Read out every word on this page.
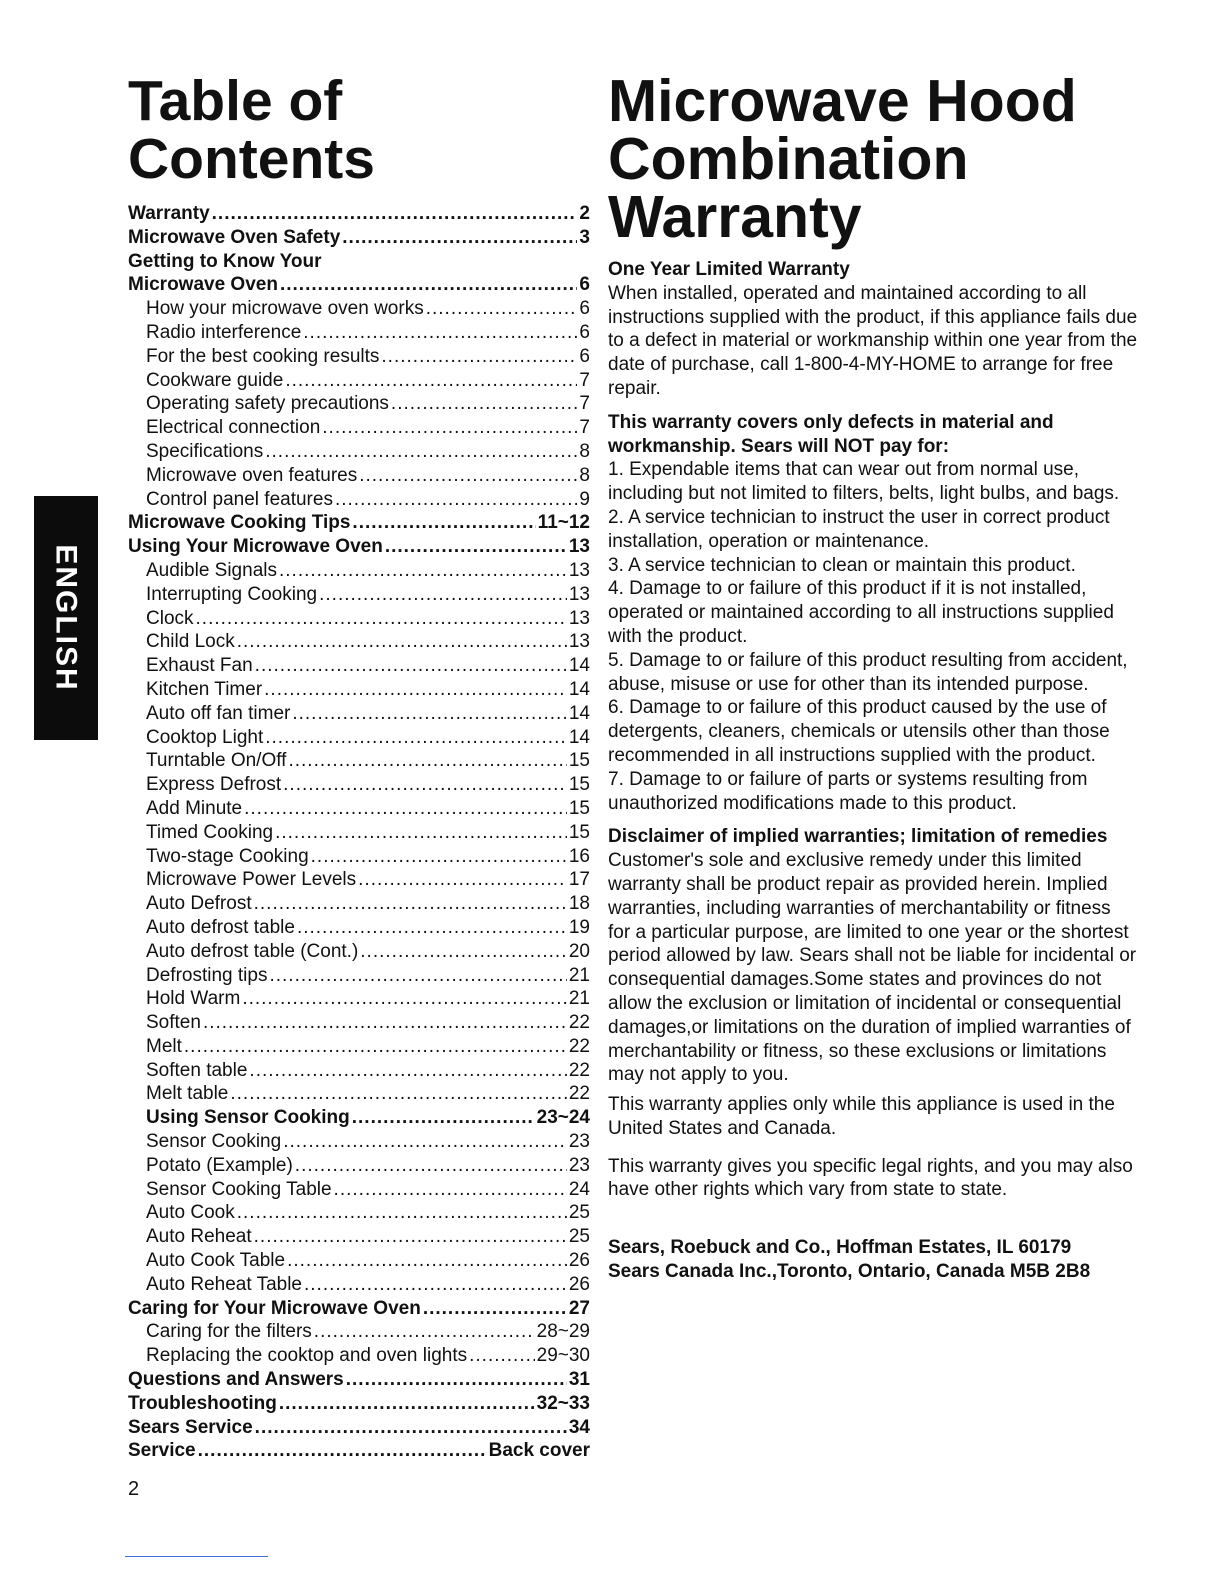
ENGLISH
Table of Contents
Warranty .....	2
Microwave Oven Safety .....	3
Getting to Know Your
Microwave Oven .....	6
How your microwave oven works .....	6
Radio interference .....	6
For the best cooking results .....	6
Cookware guide .....	7
Operating safety precautions .....	7
Electrical connection .....	7
Specifications .....	8
Microwave oven features .....	8
Control panel features .....	9
Microwave Cooking Tips .....	11~12
Using Your Microwave Oven .....	13
Audible Signals .....	13
Interrupting Cooking .....	13
Clock .....	13
Child Lock .....	13
Exhaust Fan .....	14
Kitchen Timer .....	14
Auto off fan timer .....	14
Cooktop Light .....	14
Turntable On/Off .....	15
Express Defrost .....	15
Add Minute .....	15
Timed Cooking .....	15
Two-stage Cooking .....	16
Microwave Power Levels .....	17
Auto Defrost .....	18
Auto defrost table .....	19
Auto defrost table (Cont.) .....	20
Defrosting tips .....	21
Hold Warm .....	21
Soften .....	22
Melt .....	22
Soften table .....	22
Melt table .....	22
Using Sensor Cooking .....	23~24
Sensor Cooking .....	23
Potato (Example) .....	23
Sensor Cooking Table .....	24
Auto Cook .....	25
Auto Reheat .....	25
Auto Cook Table .....	26
Auto Reheat Table .....	26
Caring for Your Microwave Oven .....	27
Caring for the filters .....	28~29
Replacing the cooktop and oven lights .....	29~30
Questions and Answers .....	31
Troubleshooting .....	32~33
Sears Service .....	34
Service .....	Back cover
2
Microwave Hood Combination Warranty

One Year Limited Warranty

When installed, operated and maintained according to all instructions supplied with the product, if this appliance fails due to a defect in material or workmanship within one year from the date of purchase, call 1-800-4-MY-HOME to arrange for free repair.

This warranty covers only defects in material and workmanship. Sears will NOT pay for:

1. Expendable items that can wear out from normal use, including but not limited to filters, belts, light bulbs, and bags.

2. A service technician to instruct the user in correct product installation, operation or maintenance.

3. A service technician to clean or maintain this product.

4. Damage to or failure of this product if it is not installed, operated or maintained according to all instructions supplied with the product.

5. Damage to or failure of this product resulting from accident, abuse, misuse or use for other than its intended purpose.

6. Damage to or failure of this product caused by the use of detergents, cleaners, chemicals or utensils other than those recommended in all instructions supplied with the product.

7. Damage to or failure of parts or systems resulting from unauthorized modifications made to this product.

Disclaimer of implied warranties; limitation of remedies

Customer's sole and exclusive remedy under this limited warranty shall be product repair as provided herein. Implied warranties, including warranties of merchantability or fitness for a particular purpose, are limited to one year or the shortest period allowed by law. Sears shall not be liable for incidental or consequential damages.Some states and provinces do not allow the exclusion or limitation of incidental or consequential damages,or limitations on the duration of implied warranties of merchantability or fitness, so these exclusions or limitations may not apply to you.

This warranty applies only while this appliance is used in the United States and Canada.

This warranty gives you specific legal rights, and you may also have other rights which vary from state to state.

Sears, Roebuck and Co., Hoffman Estates, IL 60179

Sears Canada Inc.,Toronto, Ontario, Canada M5B 2B8
